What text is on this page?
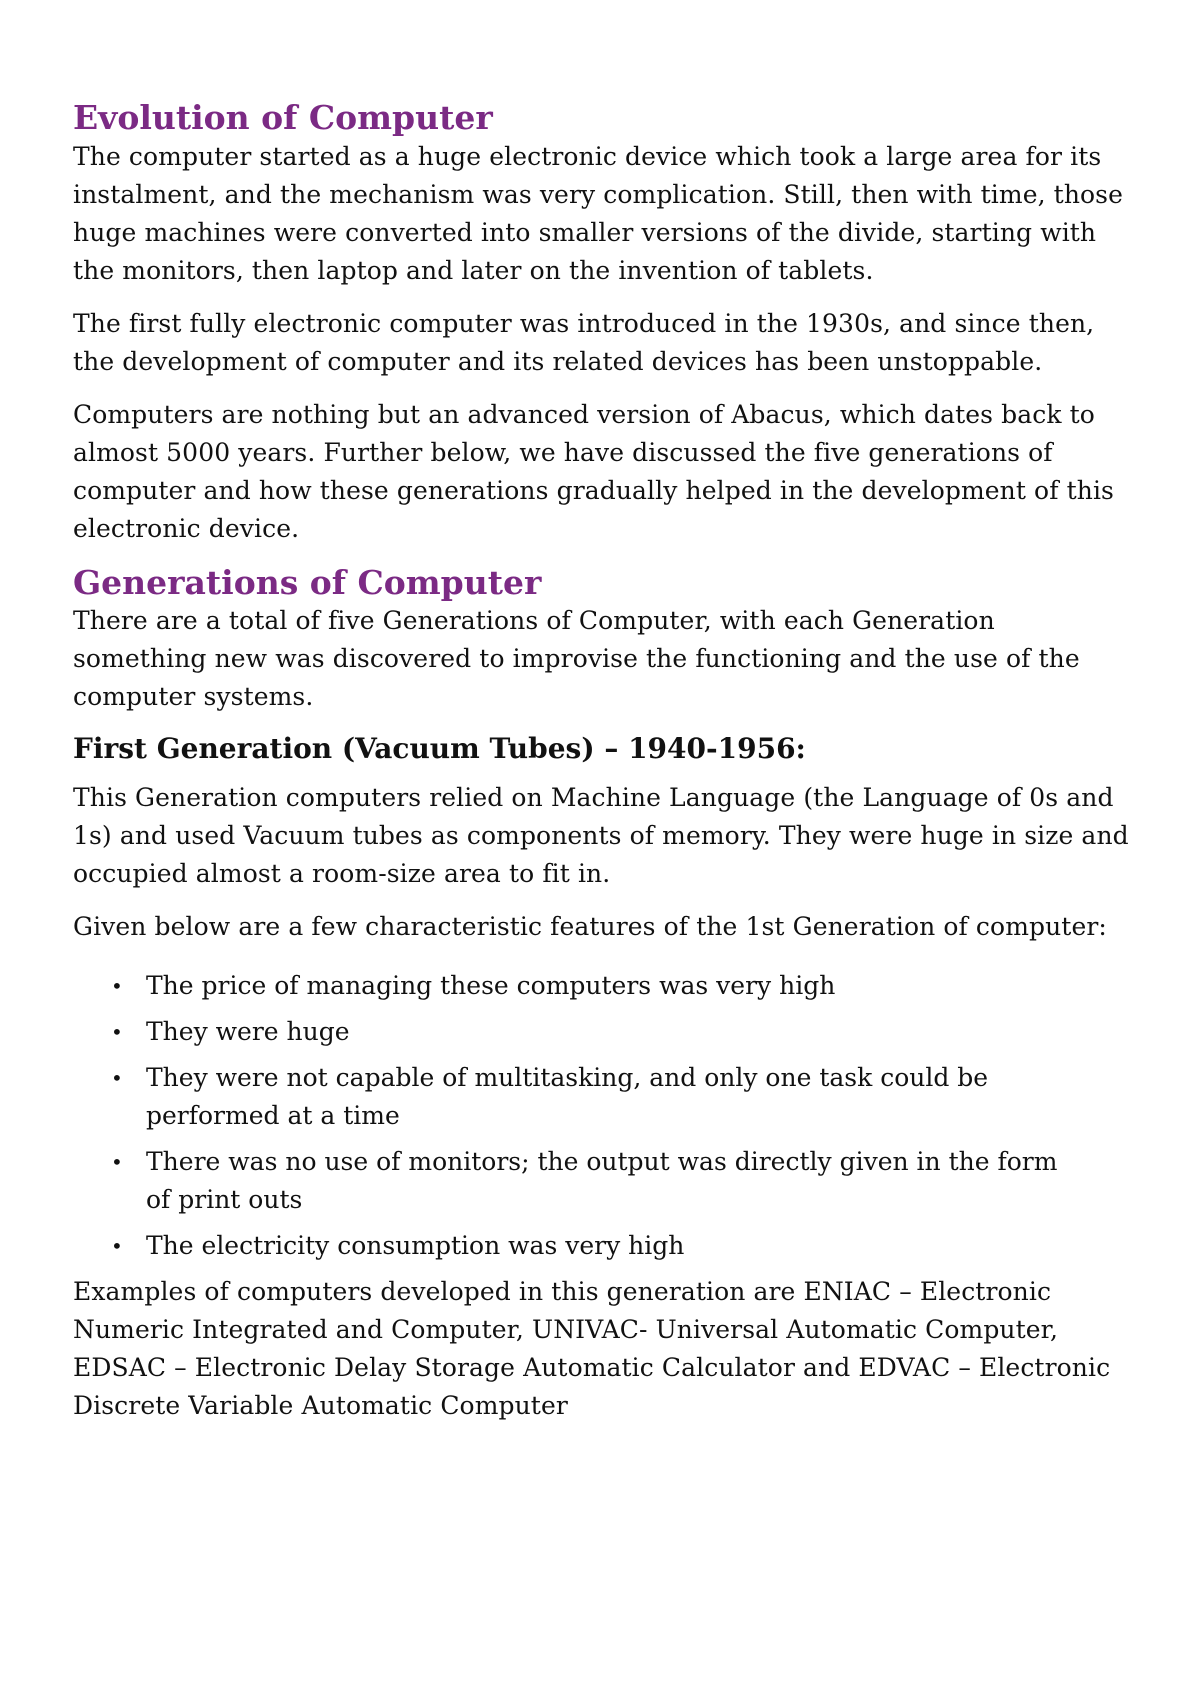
Evolution of Computer

The computer started as a huge electronic device which took a large area for its instalment, and the mechanism was very complication. Still, then with time, those huge machines were converted into smaller versions of the divide, starting with the monitors, then laptop and later on the invention of tablets.

The first fully electronic computer was introduced in the 1930s, and since then, the development of computer and its related devices has been unstoppable.

Computers are nothing but an advanced version of Abacus, which dates back to almost 5000 years. Further below, we have discussed the five generations of computer and how these generations gradually helped in the development of this electronic device.

Generations of Computer

There are a total of five Generations of Computer, with each Generation something new was discovered to improvise the functioning and the use of the computer systems.

First Generation (Vacuum Tubes) – 1940-1956:

This Generation computers relied on Machine Language (the Language of 0s and 1s) and used Vacuum tubes as components of memory. They were huge in size and occupied almost a room-size area to fit in.

Given below are a few characteristic features of the 1st Generation of computer:

• The price of managing these computers was very high
• They were huge
• They were not capable of multitasking, and only one task could be performed at a time
• There was no use of monitors; the output was directly given in the form of print outs
• The electricity consumption was very high

Examples of computers developed in this generation are ENIAC – Electronic Numeric Integrated and Computer, UNIVAC- Universal Automatic Computer, EDSAC – Electronic Delay Storage Automatic Calculator and EDVAC – Electronic Discrete Variable Automatic Computer
